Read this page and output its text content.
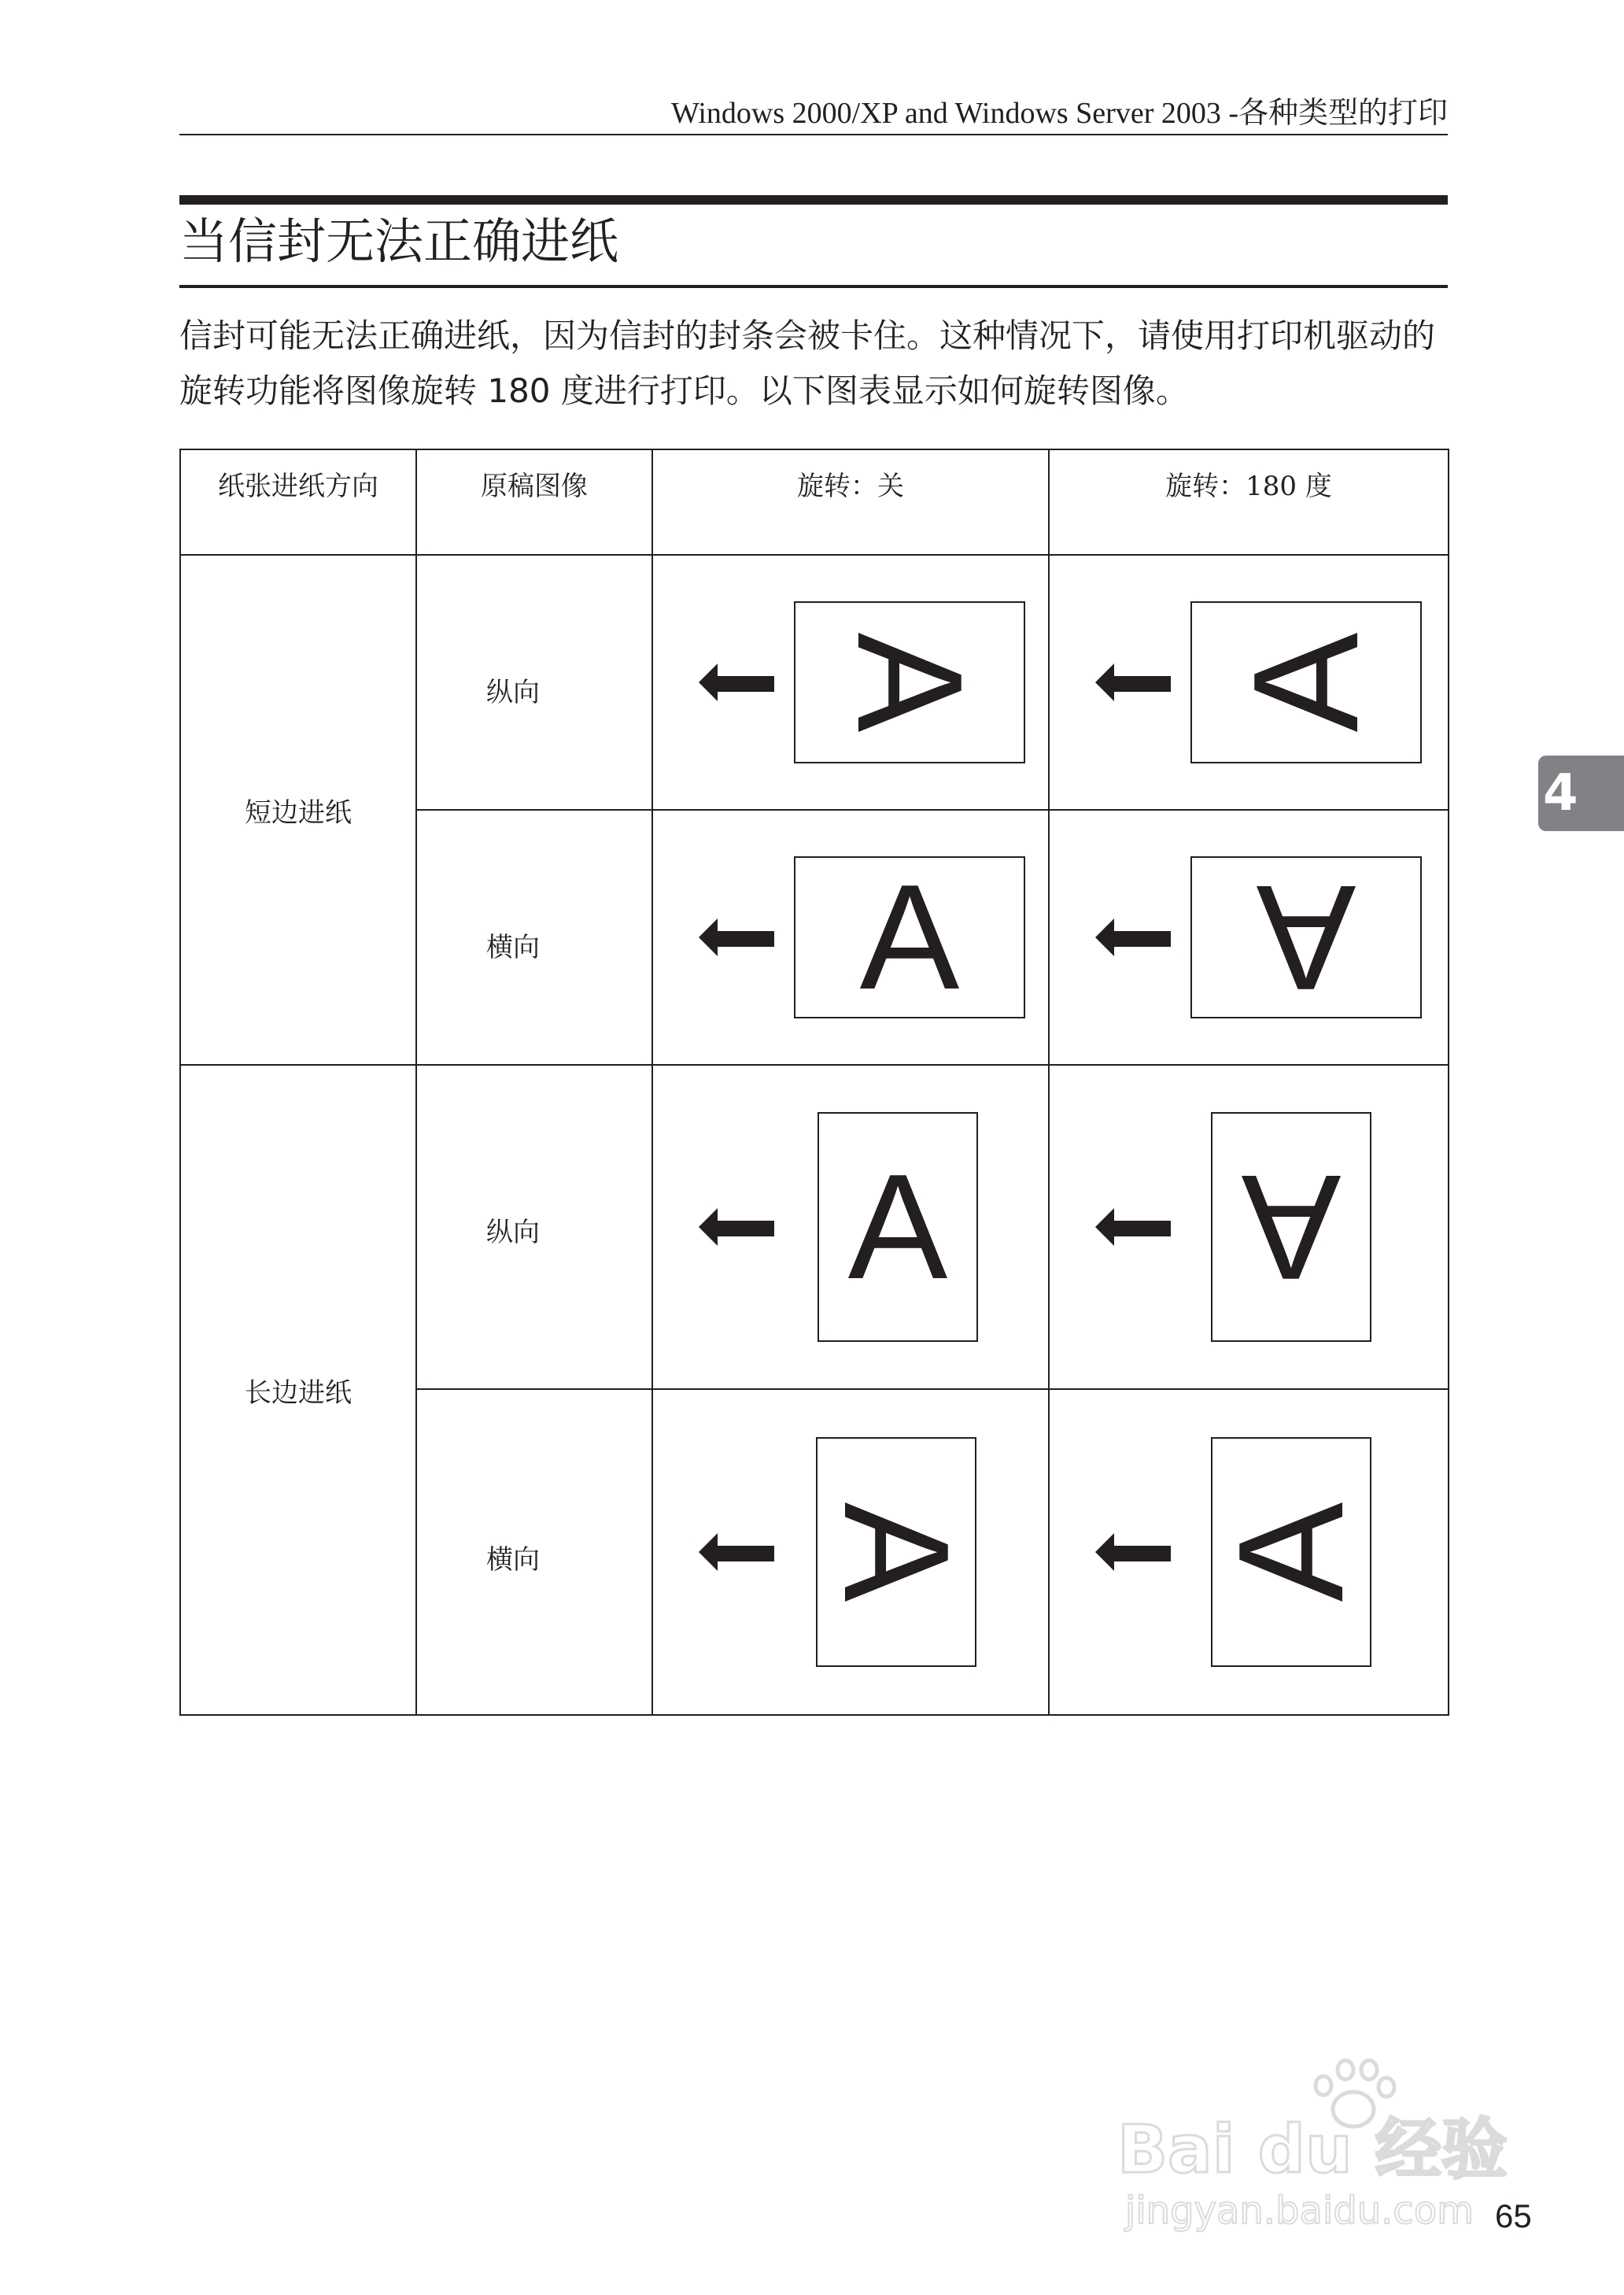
Windows 2000/XP and Windows Server 2003 -各种类型的打印
当信封无法正确进纸

信封可能无法正确进纸，因为信封的封条会被卡住。这种情况下，请使用打印机驱动的旋转功能将图像旋转 180 度进行打印。以下图表显示如何旋转图像。

纸张进纸方向	原稿图像	旋转：关	旋转：180 度
短边进纸	纵向	A	A

	横向	A	A

长边进纸	纵向	A	A

	横向	A	A
4
Bai du 经验
jingyan.baidu.com 65
